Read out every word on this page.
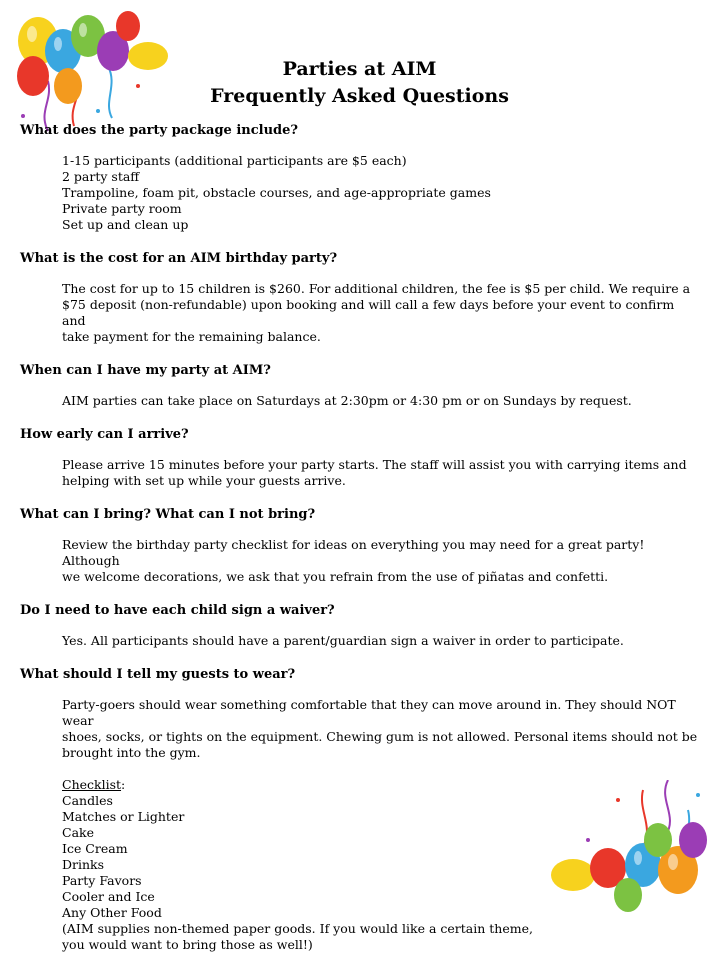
Parties at AIM
Frequently Asked Questions
What does the party package include?
1-15 participants (additional participants are $5 each)
2 party staff
Trampoline, foam pit, obstacle courses, and age-appropriate games
Private party room
Set up and clean up
What is the cost for an AIM birthday party?
The cost for up to 15 children is $260. For additional children, the fee is $5 per child. We require a
$75 deposit (non-refundable) upon booking and will call a few days before your event to confirm and
take payment for the remaining balance.
When can I have my party at AIM?
AIM parties can take place on Saturdays at 2:30pm or 4:30 pm or on Sundays by request.
How early can I arrive?
Please arrive 15 minutes before your party starts. The staff will assist you with carrying items and
helping with set up while your guests arrive.
What can I bring? What can I not bring?
Review the birthday party checklist for ideas on everything you may need for a great party! Although
we welcome decorations, we ask that you refrain from the use of piñatas and confetti.
Do I need to have each child sign a waiver?
Yes. All participants should have a parent/guardian sign a waiver in order to participate.
What should I tell my guests to wear?
Party-goers should wear something comfortable that they can move around in. They should NOT wear
shoes, socks, or tights on the equipment. Chewing gum is not allowed. Personal items should not be
brought into the gym.
Checklist:
Candles
Matches or Lighter
Cake
Ice Cream
Drinks
Party Favors
Cooler and Ice
Any Other Food
(AIM supplies non-themed paper goods. If you would like a certain theme,
you would want to bring those as well!)
